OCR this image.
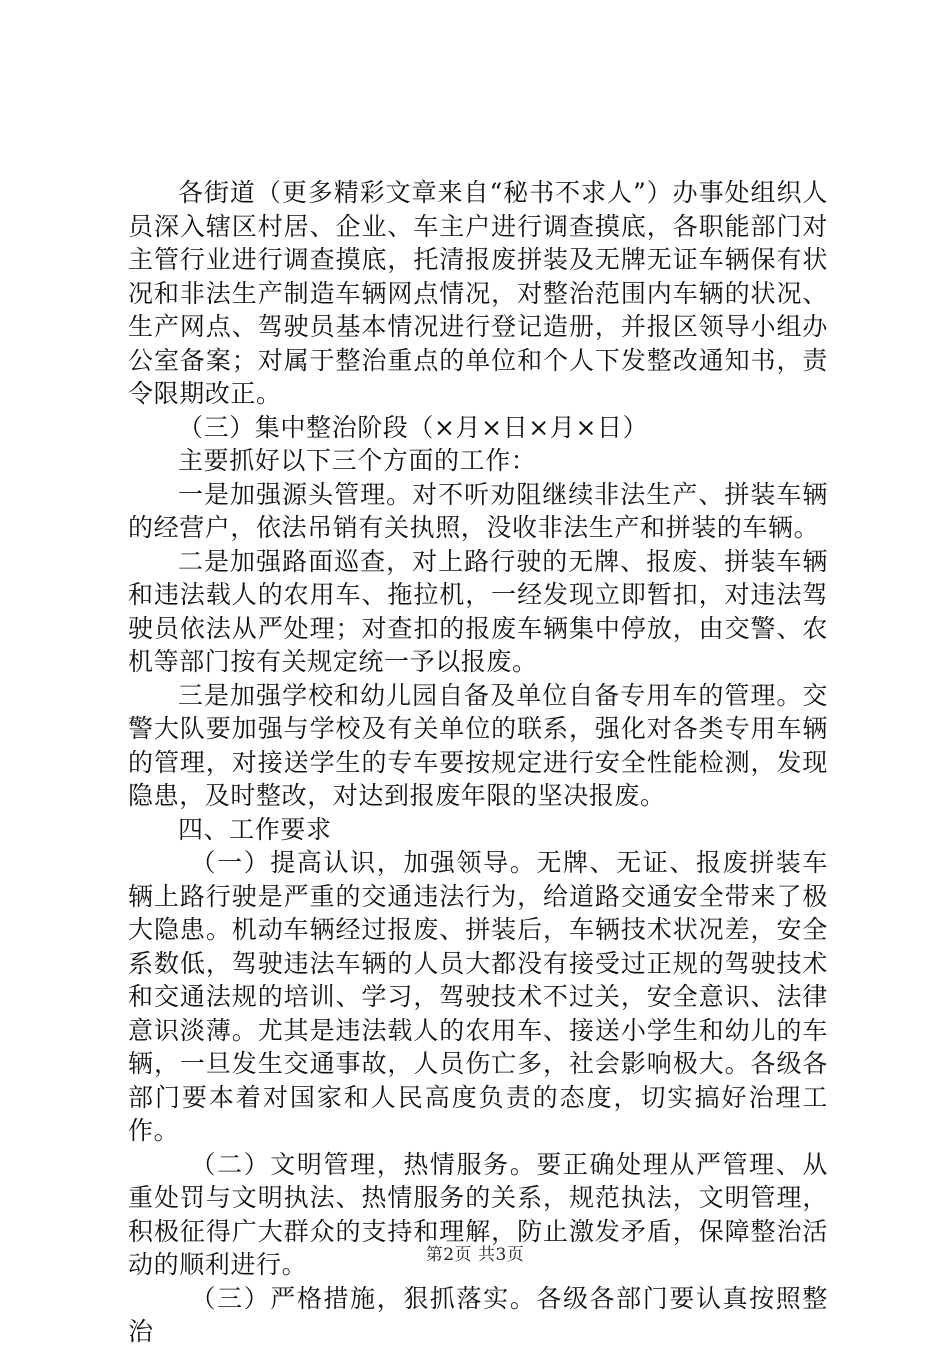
各街道（更多精彩文章来自“秘书不求人”）办事处组织人员深入辖区村居、企业、车主户进行调查摸底，各职能部门对主管行业进行调查摸底，托清报废拼装及无牌无证车辆保有状况和非法生产制造车辆网点情况，对整治范围内车辆的状况、生产网点、驾驶员基本情况进行登记造册，并报区领导小组办公室备案；对属于整治重点的单位和个人下发整改通知书，责令限期改正。

（三）集中整治阶段（×月×日×月×日）

主要抓好以下三个方面的工作：

一是加强源头管理。对不听劝阻继续非法生产、拼装车辆的经营户，依法吊销有关执照，没收非法生产和拼装的车辆。

二是加强路面巡查，对上路行驶的无牌、报废、拼装车辆和违法载人的农用车、拖拉机，一经发现立即暂扣，对违法驾驶员依法从严处理；对查扣的报废车辆集中停放，由交警、农机等部门按有关规定统一予以报废。

三是加强学校和幼儿园自备及单位自备专用车的管理。交警大队要加强与学校及有关单位的联系，强化对各类专用车辆的管理，对接送学生的专车要按规定进行安全性能检测，发现隐患，及时整改，对达到报废年限的坚决报废。

四、工作要求

（一）提高认识，加强领导。无牌、无证、报废拼装车辆上路行驶是严重的交通违法行为，给道路交通安全带来了极大隐患。机动车辆经过报废、拼装后，车辆技术状况差，安全系数低，驾驶违法车辆的人员大都没有接受过正规的驾驶技术和交通法规的培训、学习，驾驶技术不过关，安全意识、法律意识淡薄。尤其是违法载人的农用车、接送小学生和幼儿的车辆，一旦发生交通事故，人员伤亡多，社会影响极大。各级各部门要本着对国家和人民高度负责的态度，切实搞好治理工作。

（二）文明管理，热情服务。要正确处理从严管理、从重处罚与文明执法、热情服务的关系，规范执法，文明管理，积极征得广大群众的支持和理解，防止激发矛盾，保障整治活动的顺利进行。

（三）严格措施，狠抓落实。各级各部门要认真按照整治

第2页 共3页
